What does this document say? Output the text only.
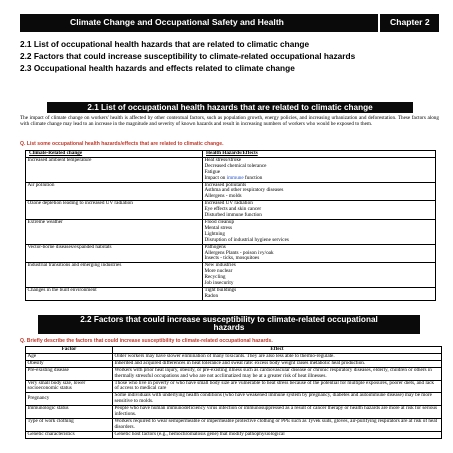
Climate Change and Occupational Safety and Health	Chapter 2
2.1 List of occupational health hazards that are related to climatic change
2.2 Factors that could increase susceptibility to climate-related occupational hazards
2.3 Occupational health hazards and effects related to climate change
2.1 List of occupational health hazards that are related to climatic change
The impact of climate change on workers' health is affected by other contextual factors, such as population growth, energy policies, and increasing urbanization and deforestation. These factors along with climate change may lead to an increase in the magnitude and severity of known hazards and result in increasing numbers of workers who would be exposed to them.
Q. List some occupational health hazards/effects that are related to climatic change.
Climate-Related change	Health Hazards/Effects
Increased ambient temperature	Heat stress/stroke
Decreased chemical tolerance
Fatigue
Impact on immune function

Air pollution	Increased pollutants
Asthma and other respiratory diseases
Allergens - molds

Ozone depletion leading to increased UV radiation	Increased UV radiation
Eye effects and skin cancer
Disturbed immune function

Extreme weather	Flood cleanup
Mental stress
Lightning
Disruption of industrial hygiene services

Vector-borne diseases/expanded habitats	Pathogens
Allergens Plants - poison ivy/oak
Insects - ticks, mosquitoes

Industrial transitions and emerging industries	New industries
More nuclear
Recycling
Job insecurity

Changes in the built environment	Tight buildings
Radon
2.2 Factors that could increase susceptibility to climate-related occupational
hazards
Q. Briefly describe the factors that could increase susceptibility to climate-related occupational hazards.
Factor	Effect
Age	Older workers may have slower elimination of many toxicants. They are also less able to thermo-regulate.
Obesity	Inherited and acquired differences in heat tolerance and sweat rate: excess body weight raises metabolic heat production.
Pre-existing disease	Workers with prior heat injury, obesity, or pre-existing illness such as cardiovascular disease or chronic respiratory diseases, elderly, children or others in thermally stressful occupations and who are not acclimatized may be at a greater risk of heat illnesses.
Very small body size, lower socioeconomic status	Those who live in poverty or who have small body size are vulnerable to heat stress because of the potential for multiple exposures, poorer diets, and lack of access to medical care
Pregnancy	Some individuals with underlying health conditions (who have weakened immune system by pregnancy, diabetes and autoimmune disease) may be more sensitive to molds.
Immunologic status	People who have human immunodeficiency virus infection or immunosuppressed as a result of cancer therapy or health hazards are more at risk for serious infections.
Type of work clothing	Workers required to wear semipermeable or impermeable protective clothing or PPE such as Tyvek suits, gloves, air-purifying respirators are at risk of heat disorders.
Genetic characteristics	Genetic host factors (e.g., hemochromatosis gene) that modify pathophysiological
